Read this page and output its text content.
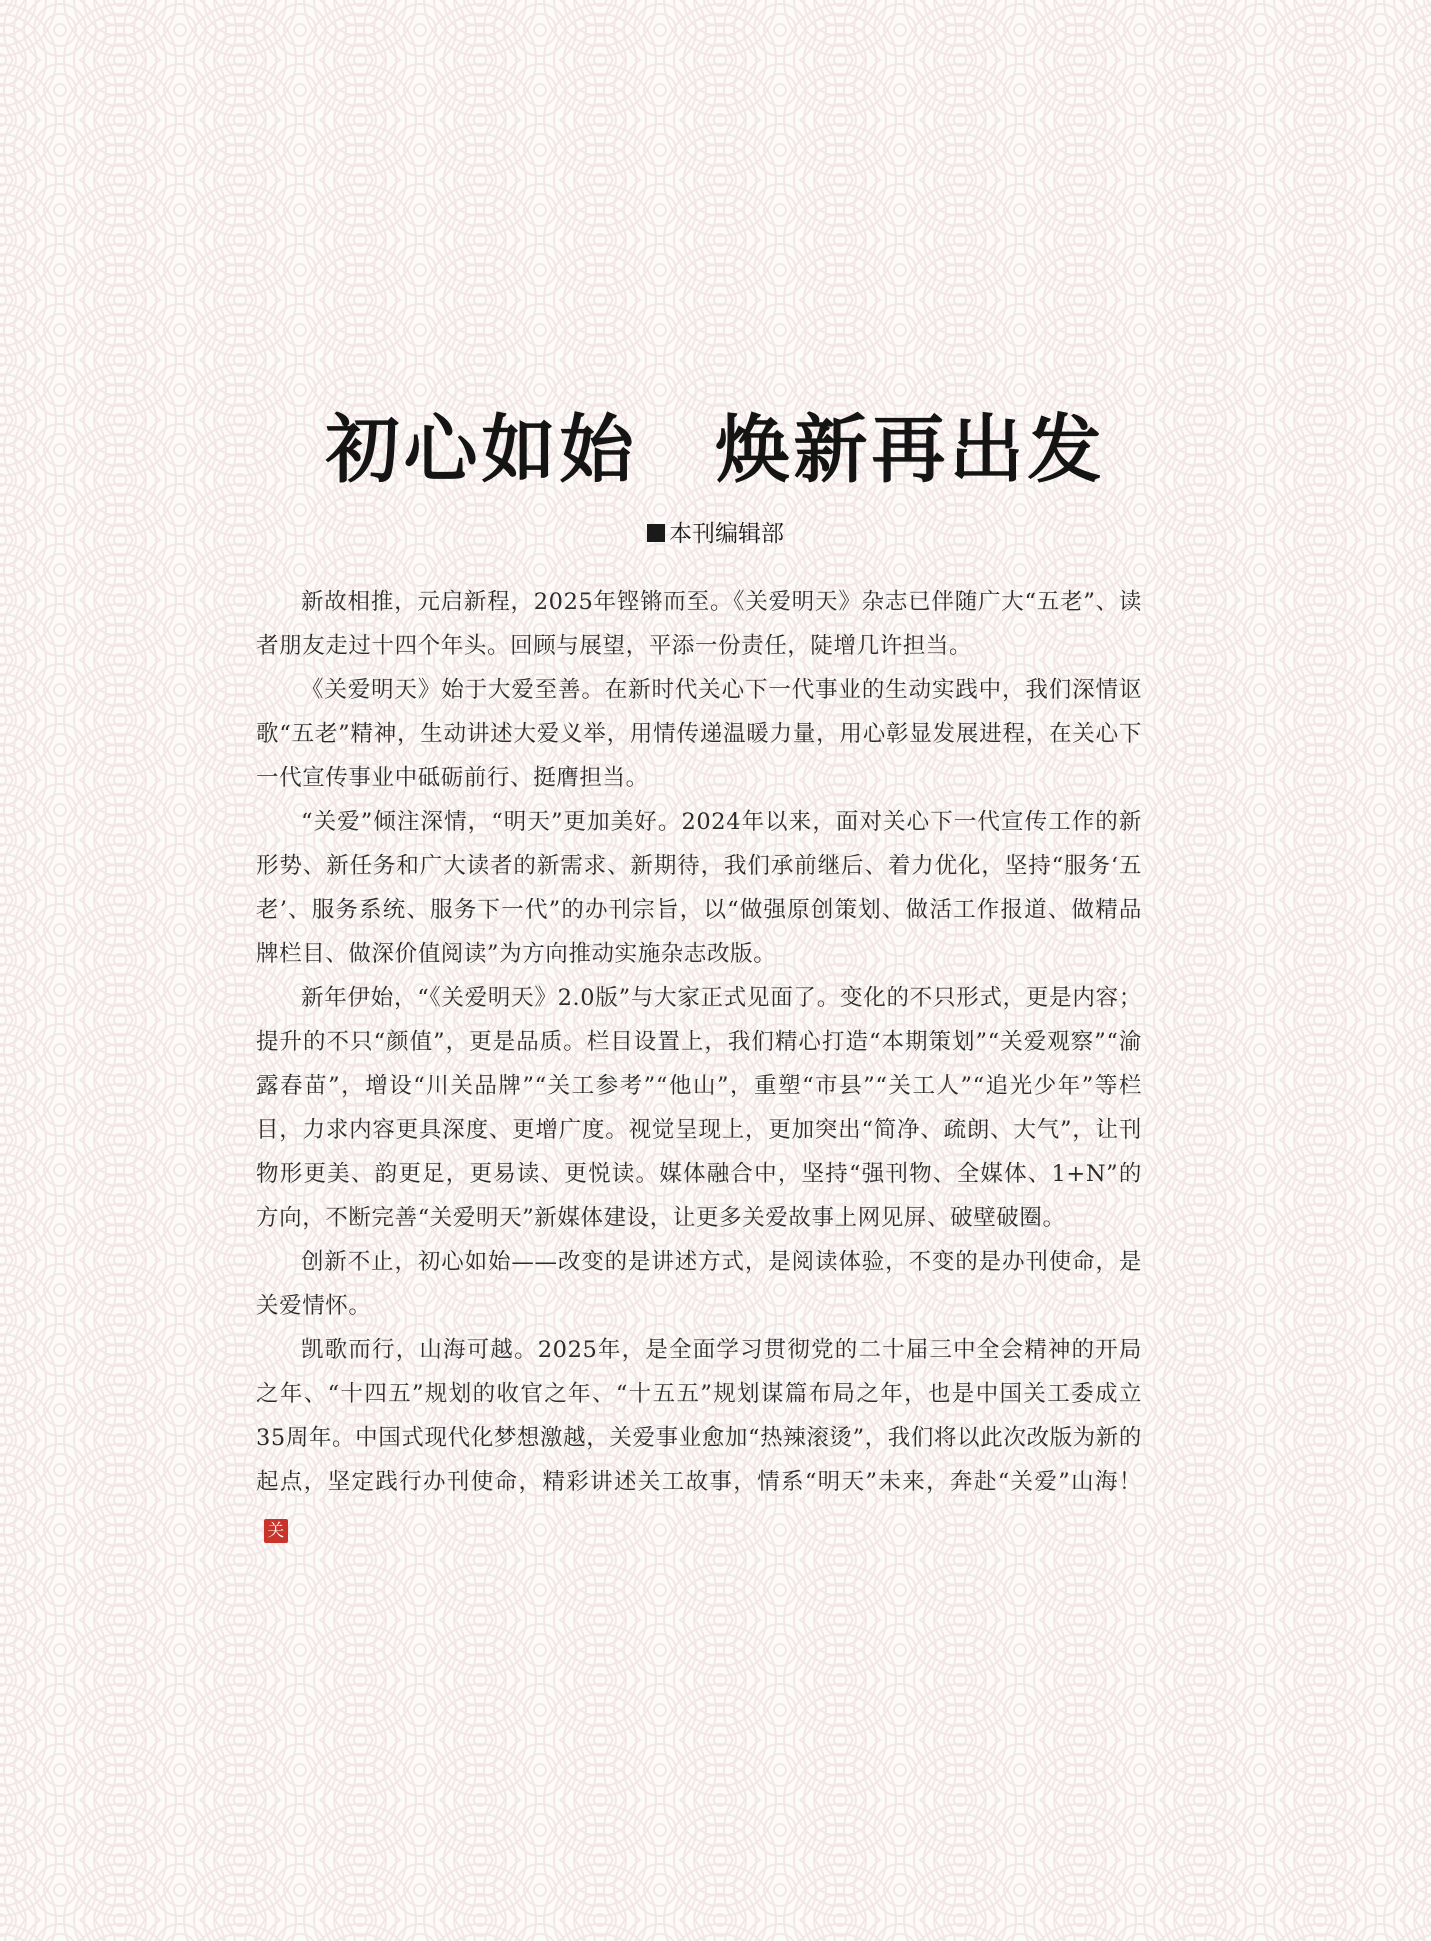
初心如始　焕新再出发
本刊编辑部

新故相推，元启新程，2025年铿锵而至。《关爱明天》杂志已伴随广大“五老”、读者朋友走过十四个年头。回顾与展望，平添一份责任，陡增几许担当。

《关爱明天》始于大爱至善。在新时代关心下一代事业的生动实践中，我们深情讴歌“五老”精神，生动讲述大爱义举，用情传递温暖力量，用心彰显发展进程，在关心下一代宣传事业中砥砺前行、挺膺担当。

“关爱”倾注深情，“明天”更加美好。2024年以来，面对关心下一代宣传工作的新形势、新任务和广大读者的新需求、新期待，我们承前继后、着力优化，坚持“服务‘五老’、服务系统、服务下一代”的办刊宗旨，以“做强原创策划、做活工作报道、做精品牌栏目、做深价值阅读”为方向推动实施杂志改版。

新年伊始，“《关爱明天》2.0版”与大家正式见面了。变化的不只形式，更是内容；提升的不只“颜值”，更是品质。栏目设置上，我们精心打造“本期策划”“关爱观察”“渝露春苗”，增设“川关品牌”“关工参考”“他山”，重塑“市县”“关工人”“追光少年”等栏目，力求内容更具深度、更增广度。视觉呈现上，更加突出“简净、疏朗、大气”，让刊物形更美、韵更足，更易读、更悦读。媒体融合中，坚持“强刊物、全媒体、1+N”的方向，不断完善“关爱明天”新媒体建设，让更多关爱故事上网见屏、破壁破圈。

创新不止，初心如始——改变的是讲述方式，是阅读体验，不变的是办刊使命，是关爱情怀。

凯歌而行，山海可越。2025年，是全面学习贯彻党的二十届三中全会精神的开局之年、“十四五”规划的收官之年、“十五五”规划谋篇布局之年，也是中国关工委成立35周年。中国式现代化梦想激越，关爱事业愈加“热辣滚烫”，我们将以此次改版为新的起点，坚定践行办刊使命，精彩讲述关工故事，情系“明天”未来，奔赴“关爱”山海！关
